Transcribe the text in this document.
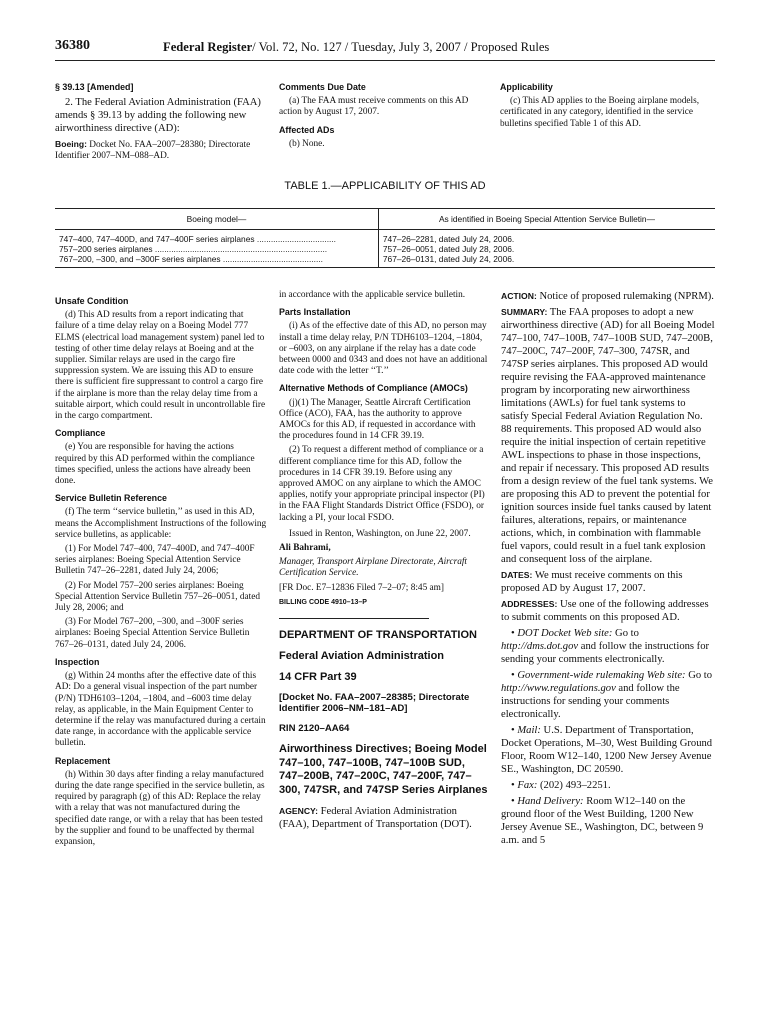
36380	Federal Register/ Vol. 72, No. 127 / Tuesday, July 3, 2007 / Proposed Rules
§ 39.13 [Amended]

2. The Federal Aviation Administration (FAA) amends § 39.13 by adding the following new airworthiness directive (AD):

Boeing: Docket No. FAA–2007–28380; Directorate Identifier 2007–NM–088–AD.

Comments Due Date

(a) The FAA must receive comments on this AD action by August 17, 2007.

Affected ADs

(b) None.

Applicability

(c) This AD applies to the Boeing airplane models, certificated in any category, identified in the service bulletins specified Table 1 of this AD.

TABLE 1.—APPLICABILITY OF THIS AD
Boeing model—	As identified in Boeing Special Attention Service Bulletin—
747–400, 747–400D, and 747–400F series airplanes ..................................	747–26–2281, dated July 24, 2006.
757–200 series airplanes ..........................................................................	757–26–0051, dated July 28, 2006.
767–200, –300, and –300F series airplanes ...........................................	767–26–0131, dated July 24, 2006.
Unsafe Condition

(d) This AD results from a report indicating that failure of a time delay relay on a Boeing Model 777 ELMS (electrical load management system) panel led to testing of other time delay relays at Boeing and at the supplier. Similar relays are used in the cargo fire suppression system. We are issuing this AD to ensure there is sufficient fire suppressant to control a cargo fire if the airplane is more than the relay delay time from a suitable airport, which could result in uncontrollable fire in the cargo compartment.

Compliance

(e) You are responsible for having the actions required by this AD performed within the compliance times specified, unless the actions have already been done.

Service Bulletin Reference

(f) The term ‘‘service bulletin,’’ as used in this AD, means the Accomplishment Instructions of the following service bulletins, as applicable:

(1) For Model 747–400, 747–400D, and 747–400F series airplanes: Boeing Special Attention Service Bulletin 747–26–2281, dated July 24, 2006;

(2) For Model 757–200 series airplanes: Boeing Special Attention Service Bulletin 757–26–0051, dated July 28, 2006; and

(3) For Model 767–200, –300, and –300F series airplanes: Boeing Special Attention Service Bulletin 767–26–0131, dated July 24, 2006.

Inspection

(g) Within 24 months after the effective date of this AD: Do a general visual inspection of the part number (P/N) TDH6103–1204, –1804, and –6003 time delay relay, as applicable, in the Main Equipment Center to determine if the relay was manufactured during a certain date range, in accordance with the applicable service bulletin.

Replacement

(h) Within 30 days after finding a relay manufactured during the date range specified in the service bulletin, as required by paragraph (g) of this AD: Replace the relay with a relay that was not manufactured during the specified date range, or with a relay that has been tested by the supplier and found to be unaffected by thermal expansion,

in accordance with the applicable service bulletin.

Parts Installation

(i) As of the effective date of this AD, no person may install a time delay relay, P/N TDH6103–1204, –1804, or –6003, on any airplane if the relay has a date code between 0000 and 0343 and does not have an additional date code with the letter ‘‘T.’’

Alternative Methods of Compliance (AMOCs)

(j)(1) The Manager, Seattle Aircraft Certification Office (ACO), FAA, has the authority to approve AMOCs for this AD, if requested in accordance with the procedures found in 14 CFR 39.19.

(2) To request a different method of compliance or a different compliance time for this AD, follow the procedures in 14 CFR 39.19. Before using any approved AMOC on any airplane to which the AMOC applies, notify your appropriate principal inspector (PI) in the FAA Flight Standards District Office (FSDO), or lacking a PI, your local FSDO.

Issued in Renton, Washington, on June 22, 2007.

Ali Bahrami,

Manager, Transport Airplane Directorate, Aircraft Certification Service.

[FR Doc. E7–12836 Filed 7–2–07; 8:45 am]

BILLING CODE 4910–13–P

DEPARTMENT OF TRANSPORTATION
Federal Aviation Administration
14 CFR Part 39
[Docket No. FAA–2007–28385; Directorate Identifier 2006–NM–181–AD]
RIN 2120–AA64
Airworthiness Directives; Boeing Model 747–100, 747–100B, 747–100B SUD, 747–200B, 747–200C, 747–200F, 747–300, 747SR, and 747SP Series Airplanes

AGENCY: Federal Aviation Administration (FAA), Department of Transportation (DOT).

ACTION: Notice of proposed rulemaking (NPRM).

SUMMARY: The FAA proposes to adopt a new airworthiness directive (AD) for all Boeing Model 747–100, 747–100B, 747–100B SUD, 747–200B, 747–200C, 747–200F, 747–300, 747SR, and 747SP series airplanes. This proposed AD would require revising the FAA-approved maintenance program by incorporating new airworthiness limitations (AWLs) for fuel tank systems to satisfy Special Federal Aviation Regulation No. 88 requirements. This proposed AD would also require the initial inspection of certain repetitive AWL inspections to phase in those inspections, and repair if necessary. This proposed AD results from a design review of the fuel tank systems. We are proposing this AD to prevent the potential for ignition sources inside fuel tanks caused by latent failures, alterations, repairs, or maintenance actions, which, in combination with flammable fuel vapors, could result in a fuel tank explosion and consequent loss of the airplane.

DATES: We must receive comments on this proposed AD by August 17, 2007.

ADDRESSES: Use one of the following addresses to submit comments on this proposed AD.

• DOT Docket Web site: Go to http://dms.dot.gov and follow the instructions for sending your comments electronically.

• Government-wide rulemaking Web site: Go to http://www.regulations.gov and follow the instructions for sending your comments electronically.

• Mail: U.S. Department of Transportation, Docket Operations, M–30, West Building Ground Floor, Room W12–140, 1200 New Jersey Avenue SE., Washington, DC 20590.

• Fax: (202) 493–2251.

• Hand Delivery: Room W12–140 on the ground floor of the West Building, 1200 New Jersey Avenue SE., Washington, DC, between 9 a.m. and 5
